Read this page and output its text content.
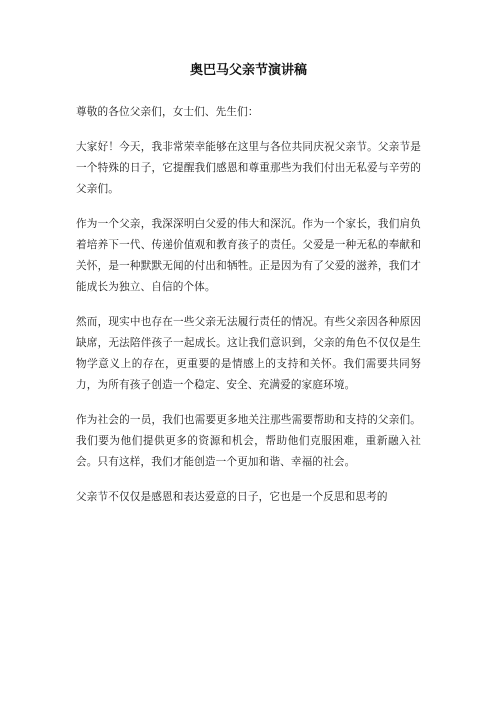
奥巴马父亲节演讲稿

尊敬的各位父亲们，女士们、先生们：

大家好！今天，我非常荣幸能够在这里与各位共同庆祝父亲节。父亲节是一个特殊的日子，它提醒我们感恩和尊重那些为我们付出无私爱与辛劳的父亲们。

作为一个父亲，我深深明白父爱的伟大和深沉。作为一个家长，我们肩负着培养下一代、传递价值观和教育孩子的责任。父爱是一种无私的奉献和关怀，是一种默默无闻的付出和牺牲。正是因为有了父爱的滋养，我们才能成长为独立、自信的个体。

然而，现实中也存在一些父亲无法履行责任的情况。有些父亲因各种原因缺席，无法陪伴孩子一起成长。这让我们意识到，父亲的角色不仅仅是生物学意义上的存在，更重要的是情感上的支持和关怀。我们需要共同努力，为所有孩子创造一个稳定、安全、充满爱的家庭环境。

作为社会的一员，我们也需要更多地关注那些需要帮助和支持的父亲们。我们要为他们提供更多的资源和机会，帮助他们克服困难，重新融入社会。只有这样，我们才能创造一个更加和谐、幸福的社会。

父亲节不仅仅是感恩和表达爱意的日子，它也是一个反思和思考的
